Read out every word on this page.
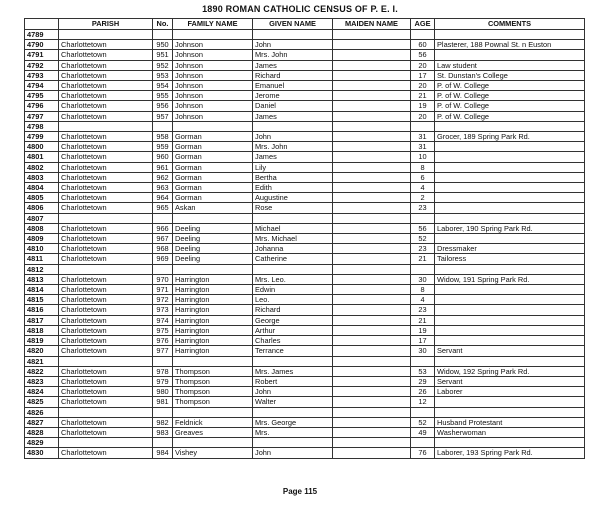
1890 ROMAN CATHOLIC CENSUS OF P. E. I.
	PARISH	No.	FAMILY NAME	GIVEN NAME	MAIDEN NAME	AGE	COMMENTS
4789							
4790	Charlottetown	950	Johnson	John		60	Plasterer, 188 Pownal St. n Euston
4791	Charlottetown	951	Johnson	Mrs. John		56	
4792	Charlottetown	952	Johnson	James		20	Law student
4793	Charlottetown	953	Johnson	Richard		17	St. Dunstan's College
4794	Charlottetown	954	Johnson	Emanuel		20	P. of W. College
4795	Charlottetown	955	Johnson	Jerome		21	P. of W. College
4796	Charlottetown	956	Johnson	Daniel		19	P. of W. College
4797	Charlottetown	957	Johnson	James		20	P. of W. College
4798							
4799	Charlottetown	958	Gorman	John		31	Grocer, 189 Spring Park Rd.
4800	Charlottetown	959	Gorman	Mrs. John		31	
4801	Charlottetown	960	Gorman	James		10	
4802	Charlottetown	961	Gorman	Lily		8	
4803	Charlottetown	962	Gorman	Bertha		6	
4804	Charlottetown	963	Gorman	Edith		4	
4805	Charlottetown	964	Gorman	Augustine		2	
4806	Charlottetown	965	Askan	Rose		23	
4807							
4808	Charlottetown	966	Deeling	Michael		56	Laborer, 190 Spring Park Rd.
4809	Charlottetown	967	Deeling	Mrs. Michael		52	
4810	Charlottetown	968	Deeling	Johanna		23	Dressmaker
4811	Charlottetown	969	Deeling	Catherine		21	Tailoress
4812							
4813	Charlottetown	970	Harrington	Mrs. Leo.		30	Widow, 191 Spring Park Rd.
4814	Charlottetown	971	Harrington	Edwin		8	
4815	Charlottetown	972	Harrington	Leo.		4	
4816	Charlottetown	973	Harrington	Richard		23	
4817	Charlottetown	974	Harrington	George		21	
4818	Charlottetown	975	Harrington	Arthur		19	
4819	Charlottetown	976	Harrington	Charles		17	
4820	Charlottetown	977	Harrington	Terrance		30	Servant
4821							
4822	Charlottetown	978	Thompson	Mrs. James		53	Widow, 192 Spring Park Rd.
4823	Charlottetown	979	Thompson	Robert		29	Servant
4824	Charlottetown	980	Thompson	John		26	Laborer
4825	Charlottetown	981	Thompson	Walter		12	
4826							
4827	Charlottetown	982	Feldnick	Mrs. George		52	Husband Protestant
4828	Charlottetown	983	Greaves	Mrs.		49	Washerwoman
4829							
4830	Charlottetown	984	Vishey	John		76	Laborer, 193 Spring Park Rd.
Page 115
